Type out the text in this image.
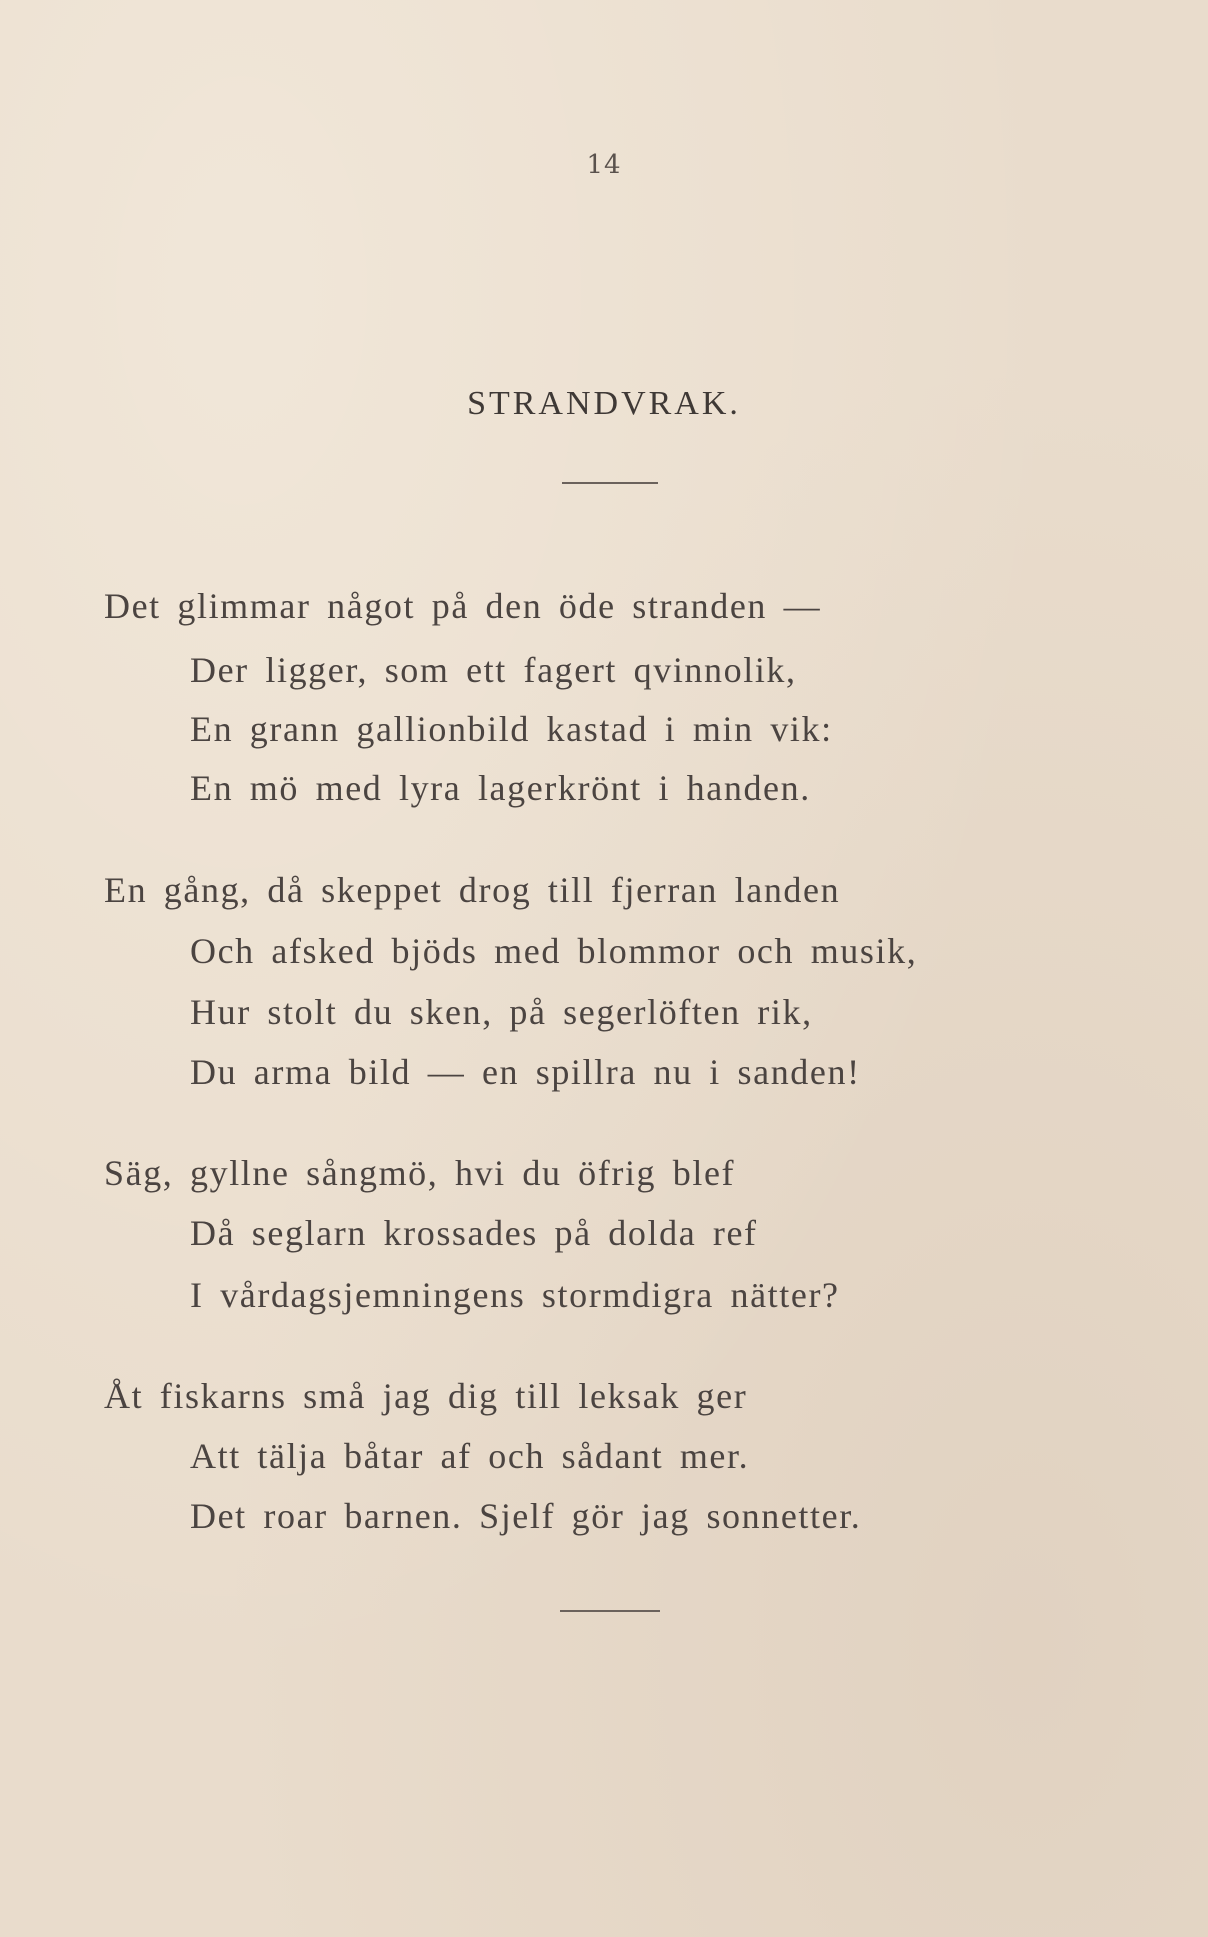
14
STRANDVRAK.
Det glimmar något på den öde stranden —
Der ligger, som ett fagert qvinnolik,
En grann gallionbild kastad i min vik:
En mö med lyra lagerkrönt i handen.
En gång, då skeppet drog till fjerran landen
Och afsked bjöds med blommor och musik,
Hur stolt du sken, på segerlöften rik,
Du arma bild — en spillra nu i sanden!
Säg, gyllne sångmö, hvi du öfrig blef
Då seglarn krossades på dolda ref
I vårdagsjemningens stormdigra nätter?
Åt fiskarns små jag dig till leksak ger
Att tälja båtar af och sådant mer.
Det roar barnen. Sjelf gör jag sonnetter.
